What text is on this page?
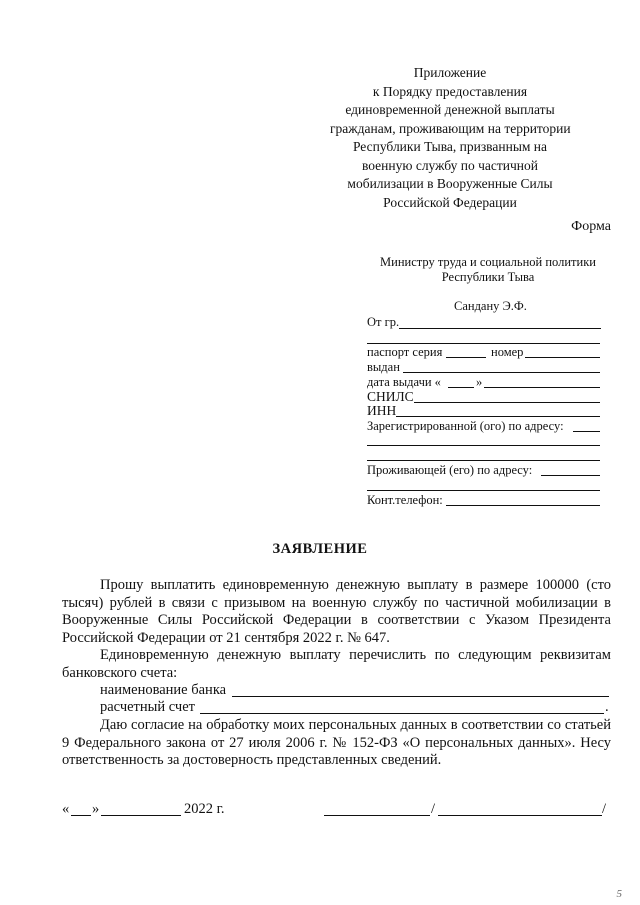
Приложение
к Порядку предоставления
единовременной денежной выплаты
гражданам, проживающим на территории
Республики Тыва, призванным на
военную службу по частичной
мобилизации в Вооруженные Силы
Российской Федерации
Форма
Министру труда и социальной политики
Республики Тыва
Сандану Э.Ф.
От гр.
паспорт серия	номер
выдан
дата выдачи «	»
СНИЛС
ИНН
Зарегистрированной (ого) по адресу:
Проживающей (его) по адресу:
Конт.телефон:
ЗАЯВЛЕНИЕ
Прошу выплатить единовременную денежную выплату в размере 100000 (сто тысяч) рублей в связи с призывом на военную службу по частичной мобилизации в Вооруженные Силы Российской Федерации в соответствии с Указом Президента Российской Федерации от 21 сентября 2022 г. № 647.
Единовременную денежную выплату перечислить по следующим реквизитам банковского счета:
наименование банка
расчетный счет	.
Даю согласие на обработку моих персональных данных в соответствии со статьей 9 Федерального закона от 27 июля 2006 г. № 152-ФЗ «О персональных данных». Несу ответственность за достоверность представленных сведений.
« »	2022 г.	/	/
5
